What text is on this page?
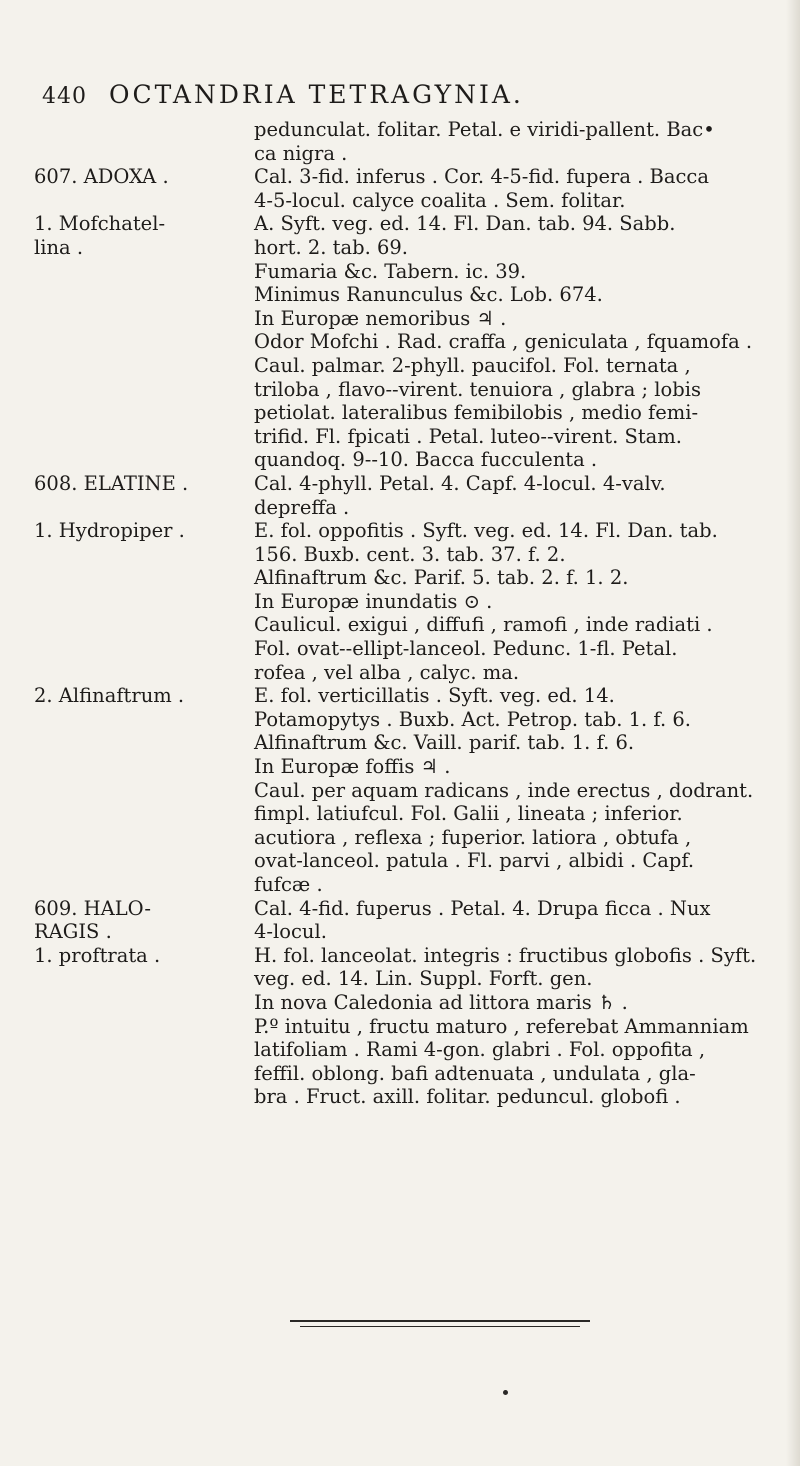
440 OCTANDRIA TETRAGYNIA.
pedunculat. folitar. Petal. e viridi-pallent. Bac•
ca nigra .
607. ADOXA .	Cal. 3-fid. inferus . Cor. 4-5-fid. fupera . Bacca
4-5-locul. calyce coalita . Sem. folitar.
1. Mofchatel-	A. Syft. veg. ed. 14. Fl. Dan. tab. 94. Sabb.
lina .	hort. 2. tab. 69.
Fumaria &c. Tabern. ic. 39.
Minimus Ranunculus &c. Lob. 674.
In Europæ nemoribus ♃ .
Odor Mofchi . Rad. craffa , geniculata , fquamofa .
Caul. palmar. 2-phyll. paucifol. Fol. ternata ,
triloba , flavo--virent. tenuiora , glabra ; lobis
petiolat. lateralibus femibilobis , medio femi-
trifid. Fl. fpicati . Petal. luteo--virent. Stam.
quandoq. 9--10. Bacca fucculenta .
608. ELATINE .	Cal. 4-phyll. Petal. 4. Capf. 4-locul. 4-valv.
depreffa .
1. Hydropiper .	E. fol. oppofitis . Syft. veg. ed. 14. Fl. Dan. tab.
156. Buxb. cent. 3. tab. 37. f. 2.
Alfinaftrum &c. Parif. 5. tab. 2. f. 1. 2.
In Europæ inundatis ⊙ .
Caulicul. exigui , diffufi , ramofi , inde radiati .
Fol. ovat--ellipt-lanceol. Pedunc. 1-fl. Petal.
rofea , vel alba , calyc. ma.
2. Alfinaftrum .	E. fol. verticillatis . Syft. veg. ed. 14.
Potamopytys . Buxb. Act. Petrop. tab. 1. f. 6.
Alfinaftrum &c. Vaill. parif. tab. 1. f. 6.
In Europæ foffis ♃ .
Caul. per aquam radicans , inde erectus , dodrant.
fimpl. latiufcul. Fol. Galii , lineata ; inferior.
acutiora , reflexa ; fuperior. latiora , obtufa ,
ovat-lanceol. patula . Fl. parvi , albidi . Capf.
fufcæ .
609. HALO-	Cal. 4-fid. fuperus . Petal. 4. Drupa ficca . Nux
RAGIS .	4-locul.
1. proftrata .	H. fol. lanceolat. integris : fructibus globofis . Syft.
veg. ed. 14. Lin. Suppl. Forft. gen.
In nova Caledonia ad littora maris ♄ .
P.º intuitu , fructu maturo , referebat Ammanniam
latifoliam . Rami 4-gon. glabri . Fol. oppofita ,
feffil. oblong. bafi adtenuata , undulata , gla-
bra . Fruct. axill. folitar. peduncul. globofi .
